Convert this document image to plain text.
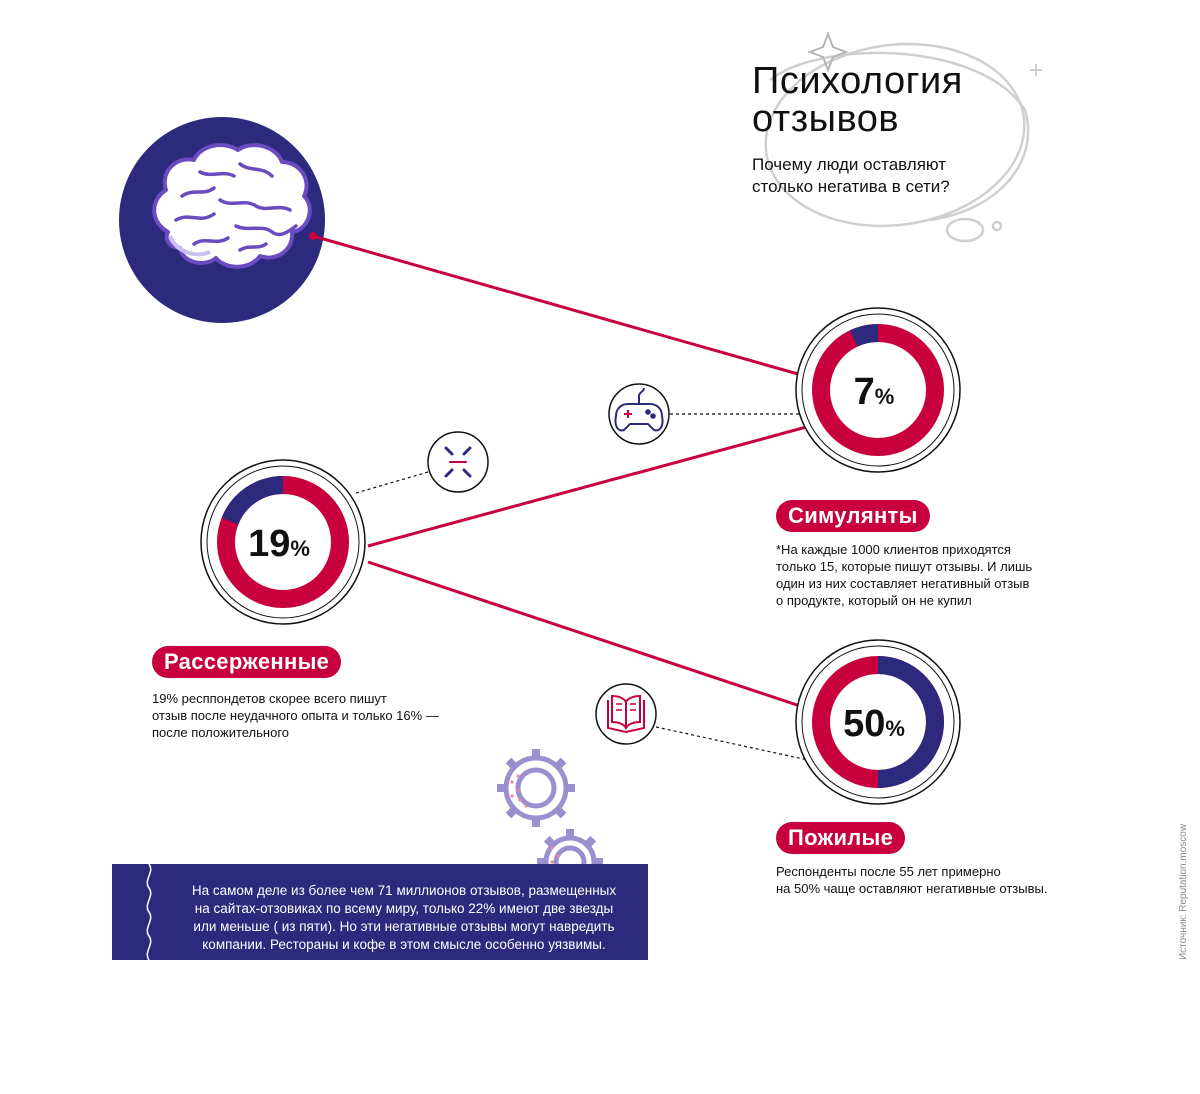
7%
19%
50%
Психология
отзывов
Почему люди оставляют
столько негатива в сети?
Симулянты
*На каждые 1000 клиентов приходятся
только 15, которые пишут отзывы. И лишь
один из них составляет негативный отзыв
о продукте, который он не купил
Рассерженные
19% респпондетов скорее всего пишут
отзыв после неудачного опыта и только 16% —
после положительного
Пожилые
Респонденты после 55 лет примерно
на 50% чаще оставляют негативные отзывы.
На самом деле из более чем 71 миллионов отзывов, размещенных
на сайтах-отзовиках по всему миру, только 22% имеют две звезды
или меньше ( из пяти). Но эти негативные отзывы могут навредить
компании. Рестораны и кофе в этом смысле особенно уязвимы.	Источник: Reputation.moscow
